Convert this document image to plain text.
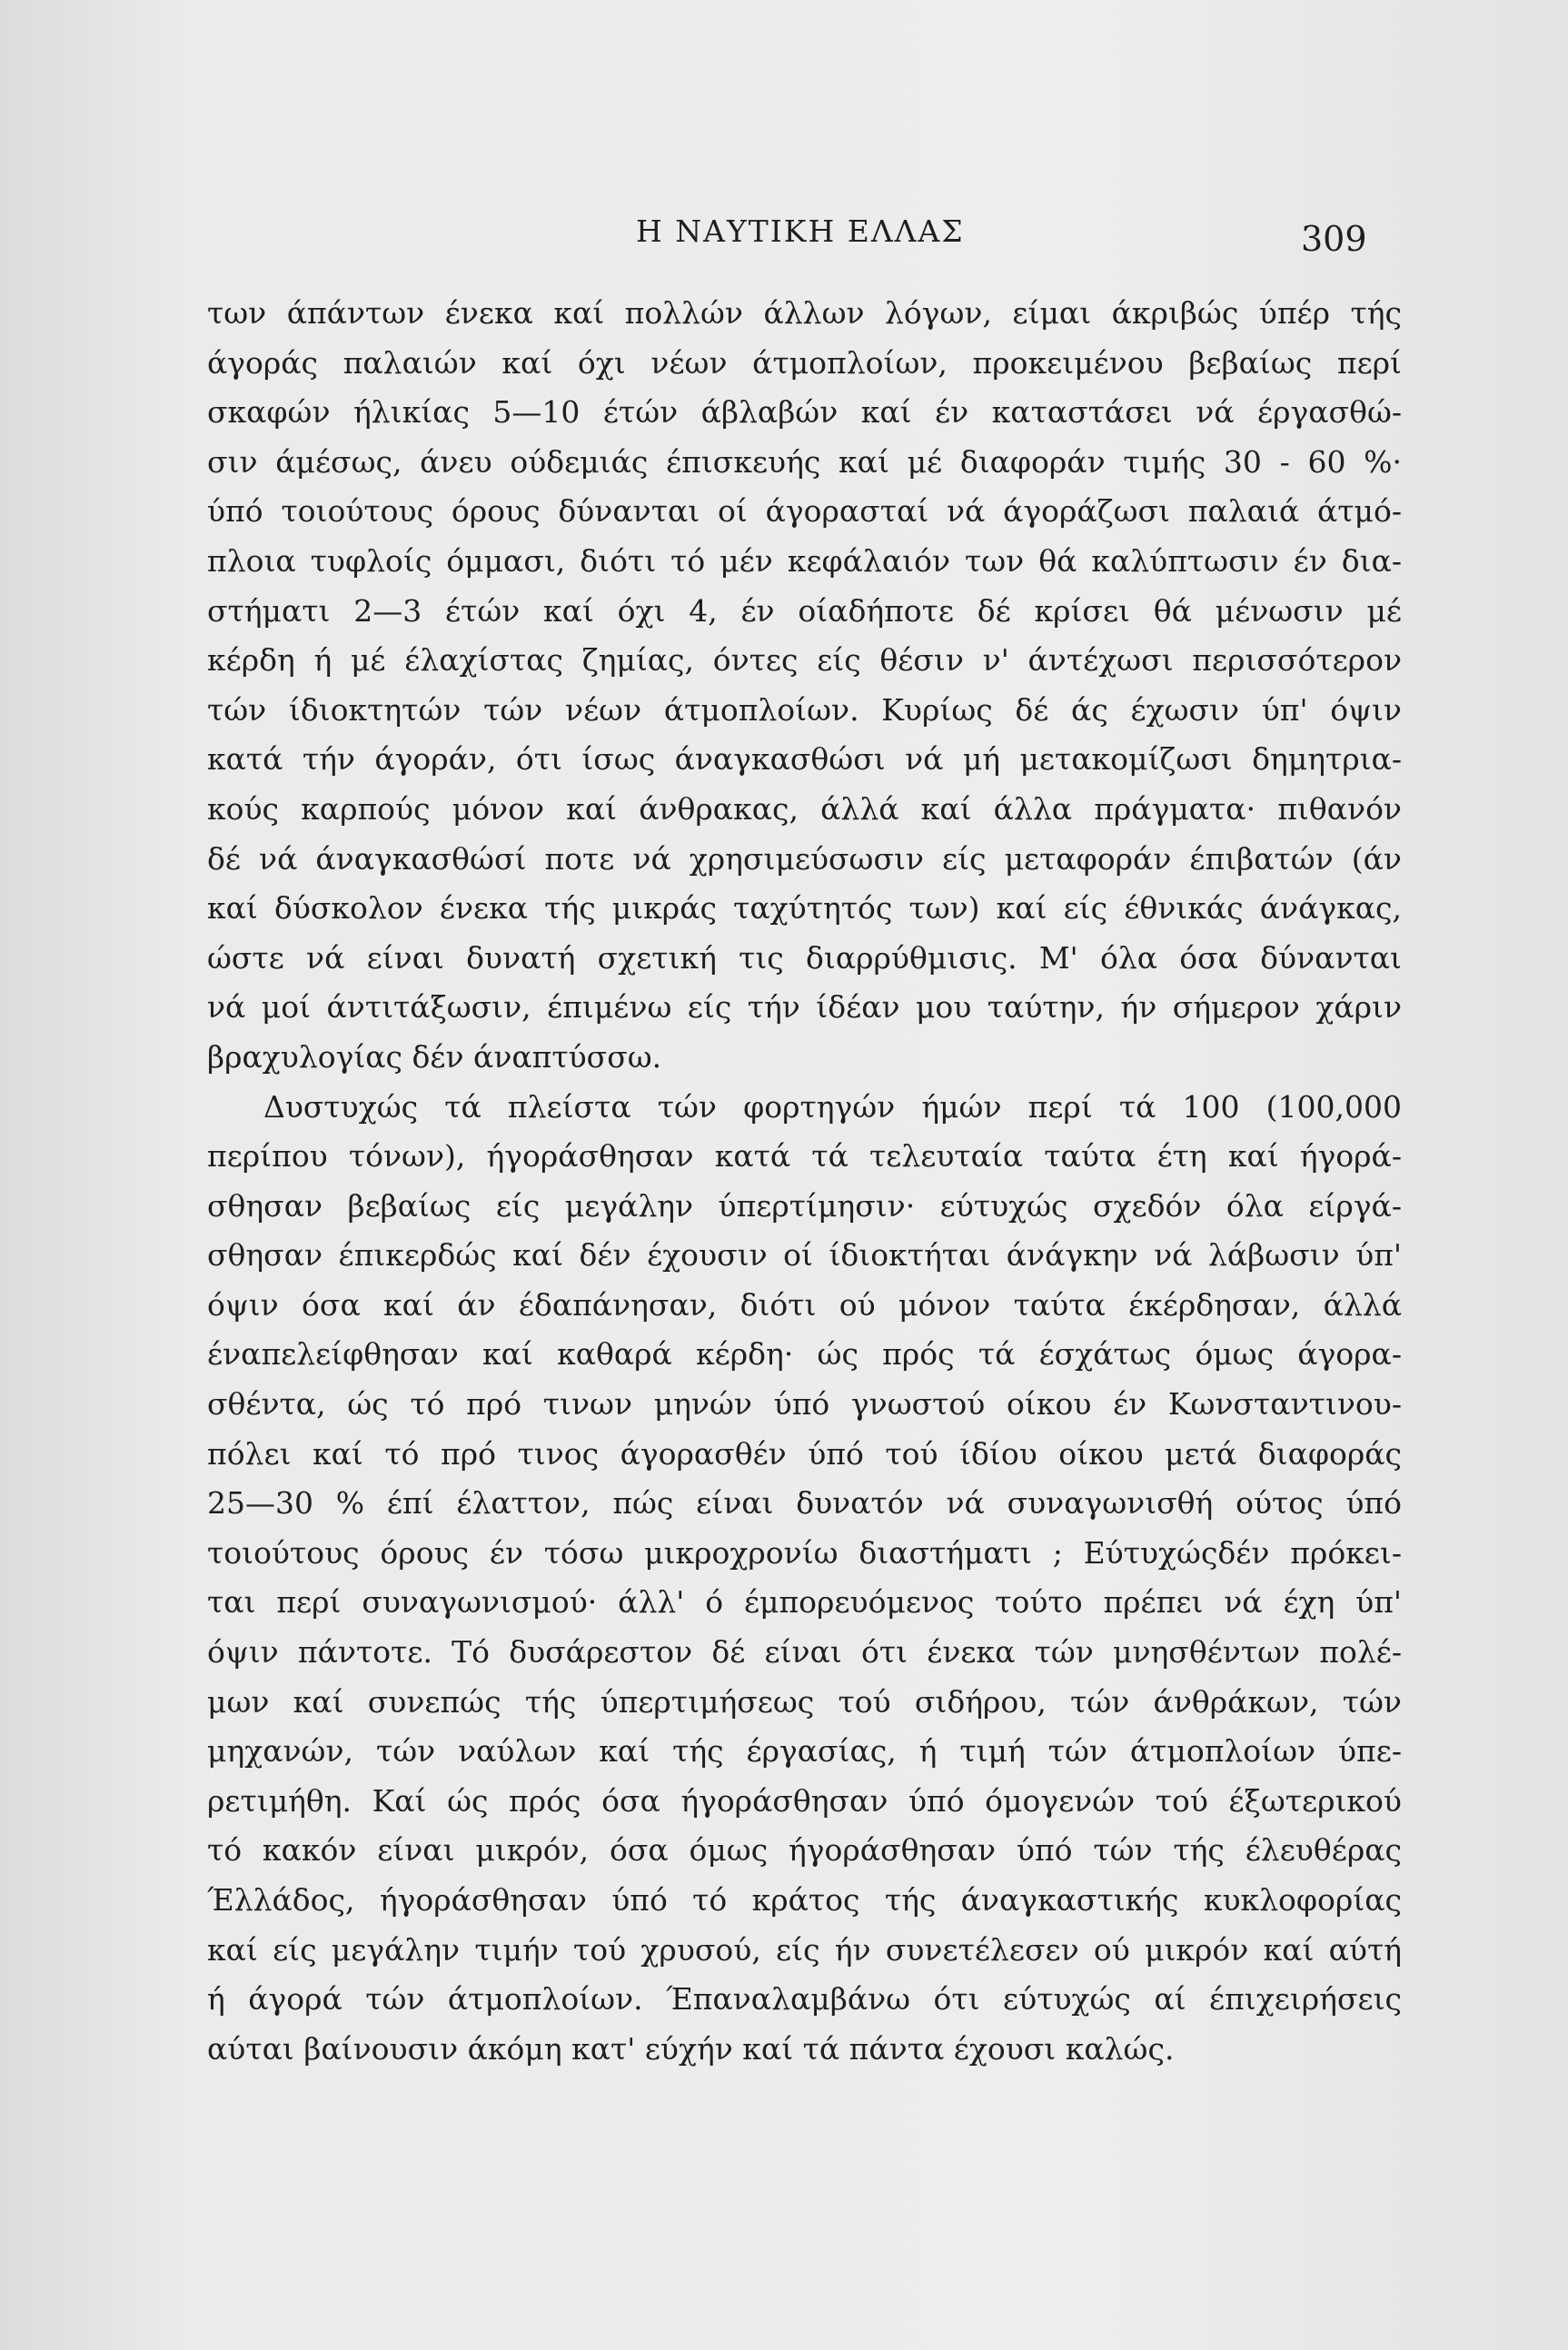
Η ΝΑΥΤΙΚΗ ΕΛΛΑΣ	309
των άπάντων ένεκα καί πολλών άλλων λόγων, είμαι άκριβώς ύπέρ τής
άγοράς παλαιών καί όχι νέων άτμοπλοίων, προκειμένου βεβαίως περί
σκαφών ήλικίας 5—10 έτών άβλαβών καί έν καταστάσει νά έργασθώ-
σιν άμέσως, άνευ ούδεμιάς έπισκευής καί μέ διαφοράν τιμής 30 - 60 %·
ύπό τοιούτους όρους δύνανται οί άγορασταί νά άγοράζωσι παλαιά άτμό-
πλοια τυφλοίς όμμασι, διότι τό μέν κεφάλαιόν των θά καλύπτωσιν έν δια-
στήματι 2—3 έτών καί όχι 4, έν οίαδήποτε δέ κρίσει θά μένωσιν μέ
κέρδη ή μέ έλαχίστας ζημίας, όντες είς θέσιν ν' άντέχωσι περισσότερον
τών ίδιοκτητών τών νέων άτμοπλοίων. Κυρίως δέ άς έχωσιν ύπ' όψιν
κατά τήν άγοράν, ότι ίσως άναγκασθώσι νά μή μετακομίζωσι δημητρια-
κούς καρπούς μόνον καί άνθρακας, άλλά καί άλλα πράγματα· πιθανόν
δέ νά άναγκασθώσί ποτε νά χρησιμεύσωσιν είς μεταφοράν έπιβατών (άν
καί δύσκολον ένεκα τής μικράς ταχύτητός των) καί είς έθνικάς άνάγκας,
ώστε νά είναι δυνατή σχετική τις διαρρύθμισις. Μ' όλα όσα δύνανται
νά μοί άντιτάξωσιν, έπιμένω είς τήν ίδέαν μου ταύτην, ήν σήμερον χάριν
βραχυλογίας δέν άναπτύσσω.
Δυστυχώς τά πλείστα τών φορτηγών ήμών περί τά 100 (100,000
περίπου τόνων), ήγοράσθησαν κατά τά τελευταία ταύτα έτη καί ήγορά-
σθησαν βεβαίως είς μεγάλην ύπερτίμησιν· εύτυχώς σχεδόν όλα είργά-
σθησαν έπικερδώς καί δέν έχουσιν οί ίδιοκτήται άνάγκην νά λάβωσιν ύπ'
όψιν όσα καί άν έδαπάνησαν, διότι ού μόνον ταύτα έκέρδησαν, άλλά
έναπελείφθησαν καί καθαρά κέρδη· ώς πρός τά έσχάτως όμως άγορα-
σθέντα, ώς τό πρό τινων μηνών ύπό γνωστού οίκου έν Κωνσταντινου-
πόλει καί τό πρό τινος άγορασθέν ύπό τού ίδίου οίκου μετά διαφοράς
25—30 % έπί έλαττον, πώς είναι δυνατόν νά συναγωνισθή ούτος ύπό
τοιούτους όρους έν τόσω μικροχρονίω διαστήματι ; Εύτυχώςδέν πρόκει-
ται περί συναγωνισμού· άλλ' ό έμπορευόμενος τούτο πρέπει νά έχη ύπ'
όψιν πάντοτε. Τό δυσάρεστον δέ είναι ότι ένεκα τών μνησθέντων πολέ-
μων καί συνεπώς τής ύπερτιμήσεως τού σιδήρου, τών άνθράκων, τών
μηχανών, τών ναύλων καί τής έργασίας, ή τιμή τών άτμοπλοίων ύπε-
ρετιμήθη. Καί ώς πρός όσα ήγοράσθησαν ύπό όμογενών τού έξωτερικού
τό κακόν είναι μικρόν, όσα όμως ήγοράσθησαν ύπό τών τής έλευθέρας
Έλλάδος, ήγοράσθησαν ύπό τό κράτος τής άναγκαστικής κυκλοφορίας
καί είς μεγάλην τιμήν τού χρυσού, είς ήν συνετέλεσεν ού μικρόν καί αύτή
ή άγορά τών άτμοπλοίων. Έπαναλαμβάνω ότι εύτυχώς αί έπιχειρήσεις
αύται βαίνουσιν άκόμη κατ' εύχήν καί τά πάντα έχουσι καλώς.
